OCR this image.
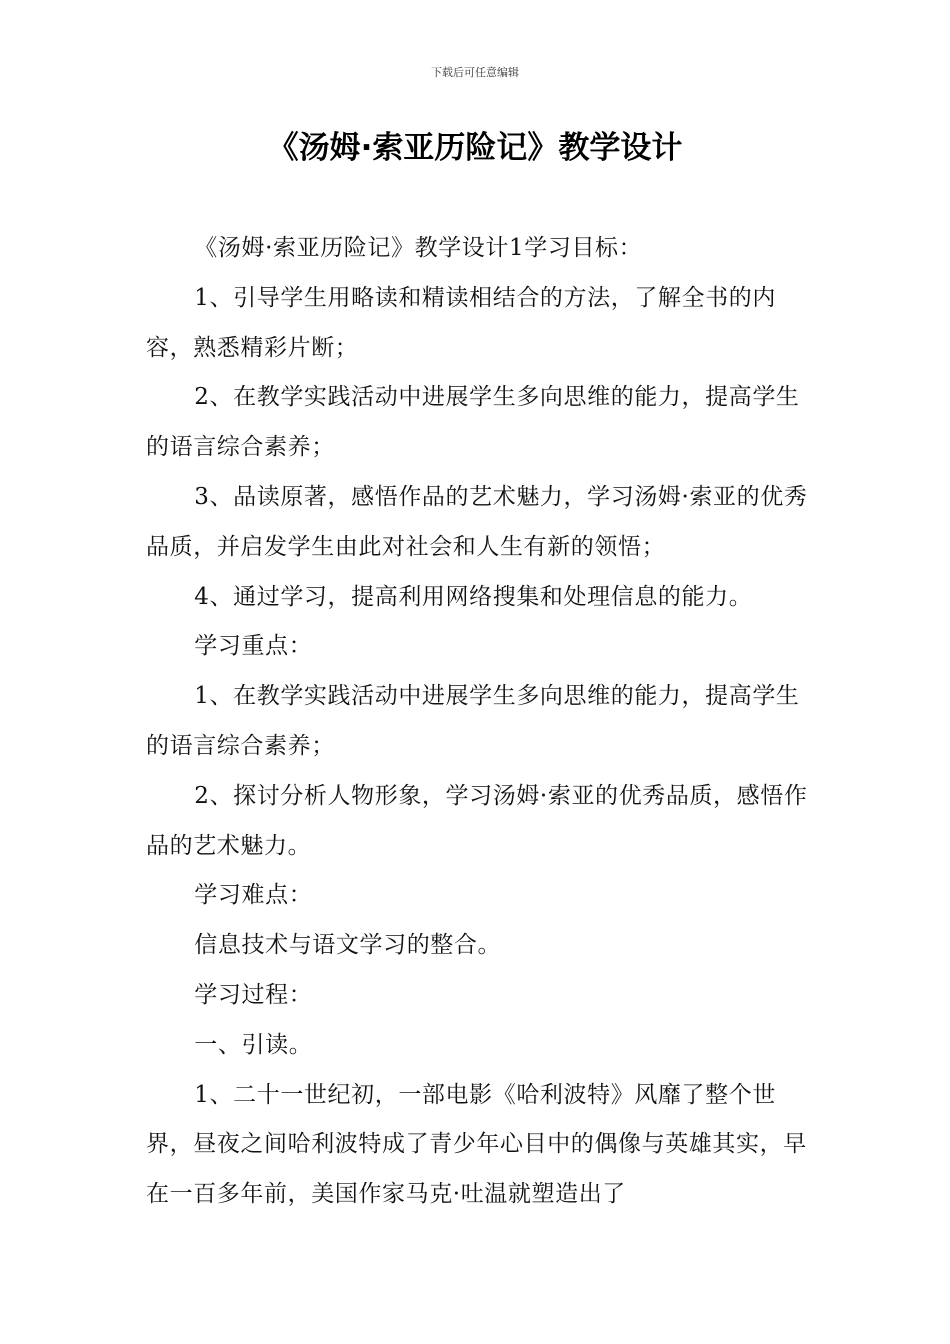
下载后可任意编辑
《汤姆·索亚历险记》教学设计

《汤姆·索亚历险记》教学设计1学习目标：

1、引导学生用略读和精读相结合的方法，了解全书的内容，熟悉精彩片断；

2、在教学实践活动中进展学生多向思维的能力，提高学生的语言综合素养；

3、品读原著，感悟作品的艺术魅力，学习汤姆·索亚的优秀品质，并启发学生由此对社会和人生有新的领悟；

4、通过学习，提高利用网络搜集和处理信息的能力。

学习重点：

1、在教学实践活动中进展学生多向思维的能力，提高学生的语言综合素养；

2、探讨分析人物形象，学习汤姆·索亚的优秀品质，感悟作品的艺术魅力。

学习难点：

信息技术与语文学习的整合。

学习过程：

一、引读。

1、二十一世纪初，一部电影《哈利波特》风靡了整个世界，昼夜之间哈利波特成了青少年心目中的偶像与英雄其实，早在一百多年前，美国作家马克·吐温就塑造出了
